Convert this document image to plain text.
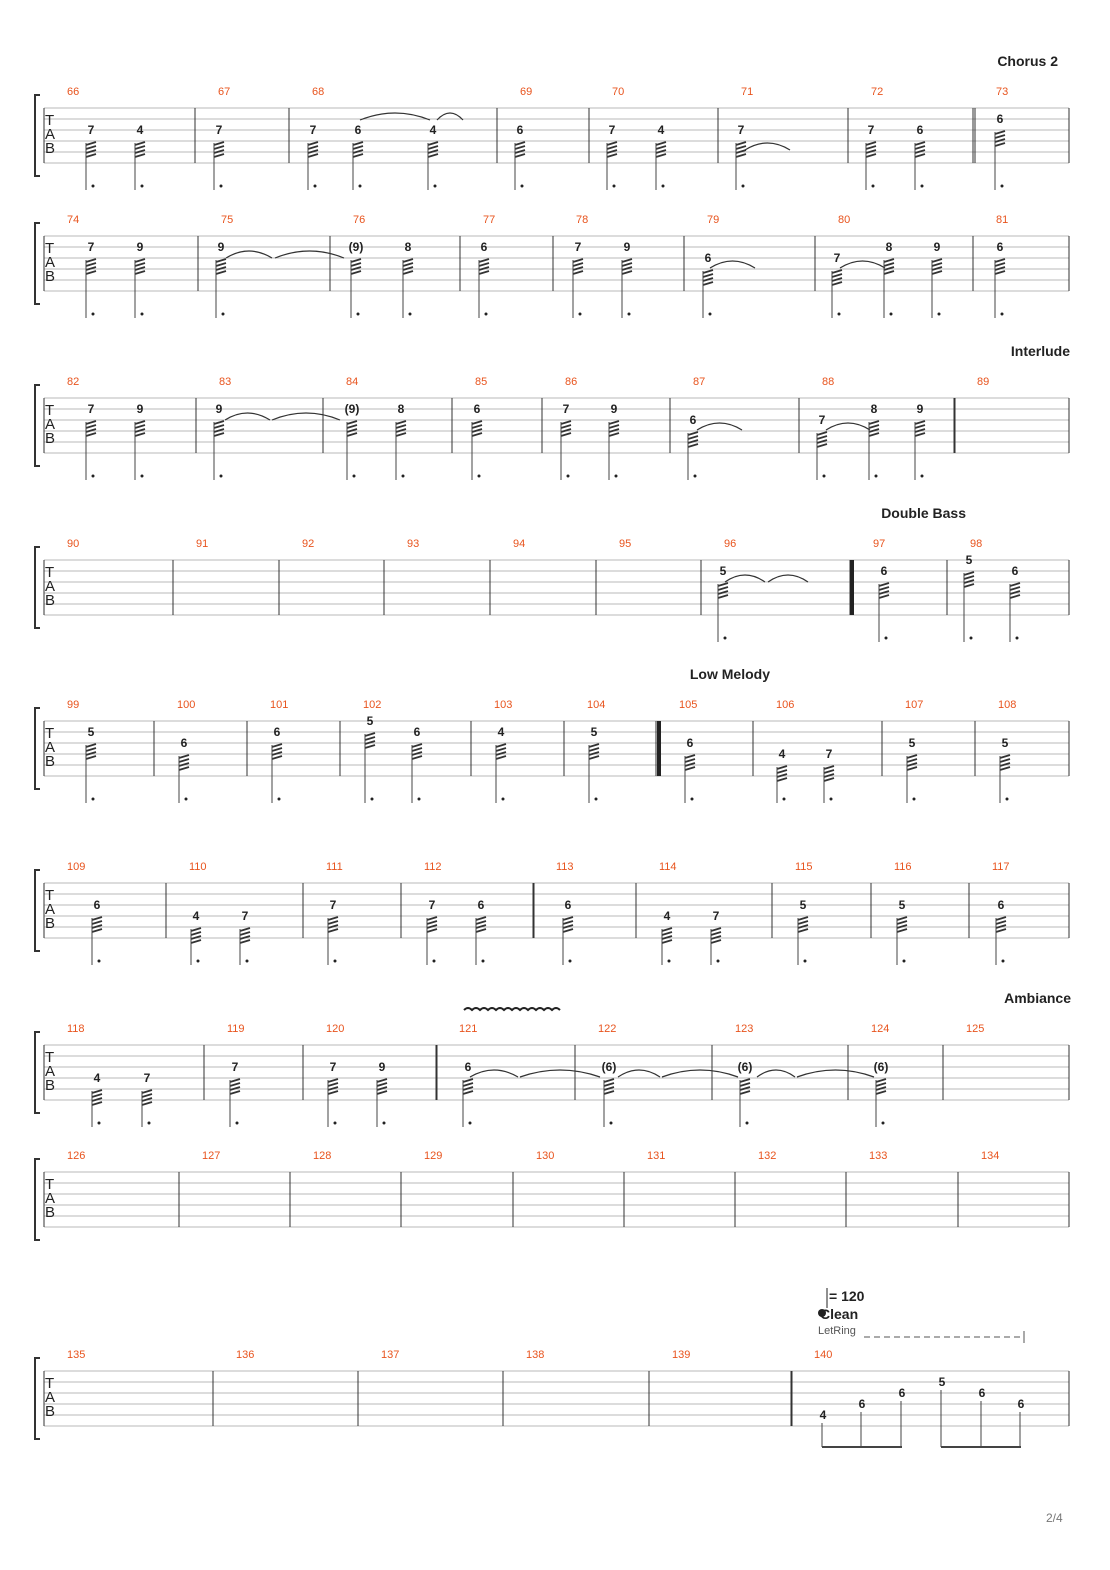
T
A
B
Chorus 2
66
7	4
67
7
68
7	6	4
69
6
70
7	4
71
7
72
7	6
73
6
T
A
B
74
7	9
75
9
76
(9)	8
77
6
78
7	9
79
6
80
7
8	9
81
6
T
A
B
Interlude
82
7	9
83
9
84
(9)	8
85
6
86
7	9
87
6
88
7
8	9
89
T
A
B
Double Bass
90	91	92	93	94	95	96
5
97
6
98
5
6
T
A
B
Low Melody
99
5
100
6
101
6
102
5
6
103
4
104
5
105
6
106
4	7
107
5
108
5
T
A
B
109
6
110
4	7
111
7
112
7	6
113
6
114
4	7
115
5
116
5
117
6
T
A
B
Ambiance
118
4	7
119
7
120
7	9
121
6
122
(6)
123
(6)
124
(6)
125
T
A
B
126	127	128	129	130	131	132	133	134
T
A
B
135	136	137	138	139	140
4
6
6
5
6
6
= 120
Clean
LetRing
2/4
